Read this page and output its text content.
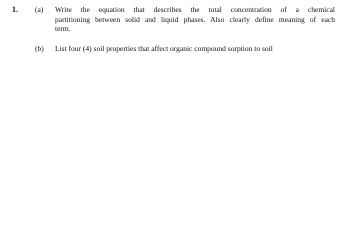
1. (a) Write the equation that describes the total concentration of a chemical
partitioning between solid and liquid phases. Also clearly define meaning of each
term.
(b) List four (4) soil properties that affect organic compound sorption to soil
